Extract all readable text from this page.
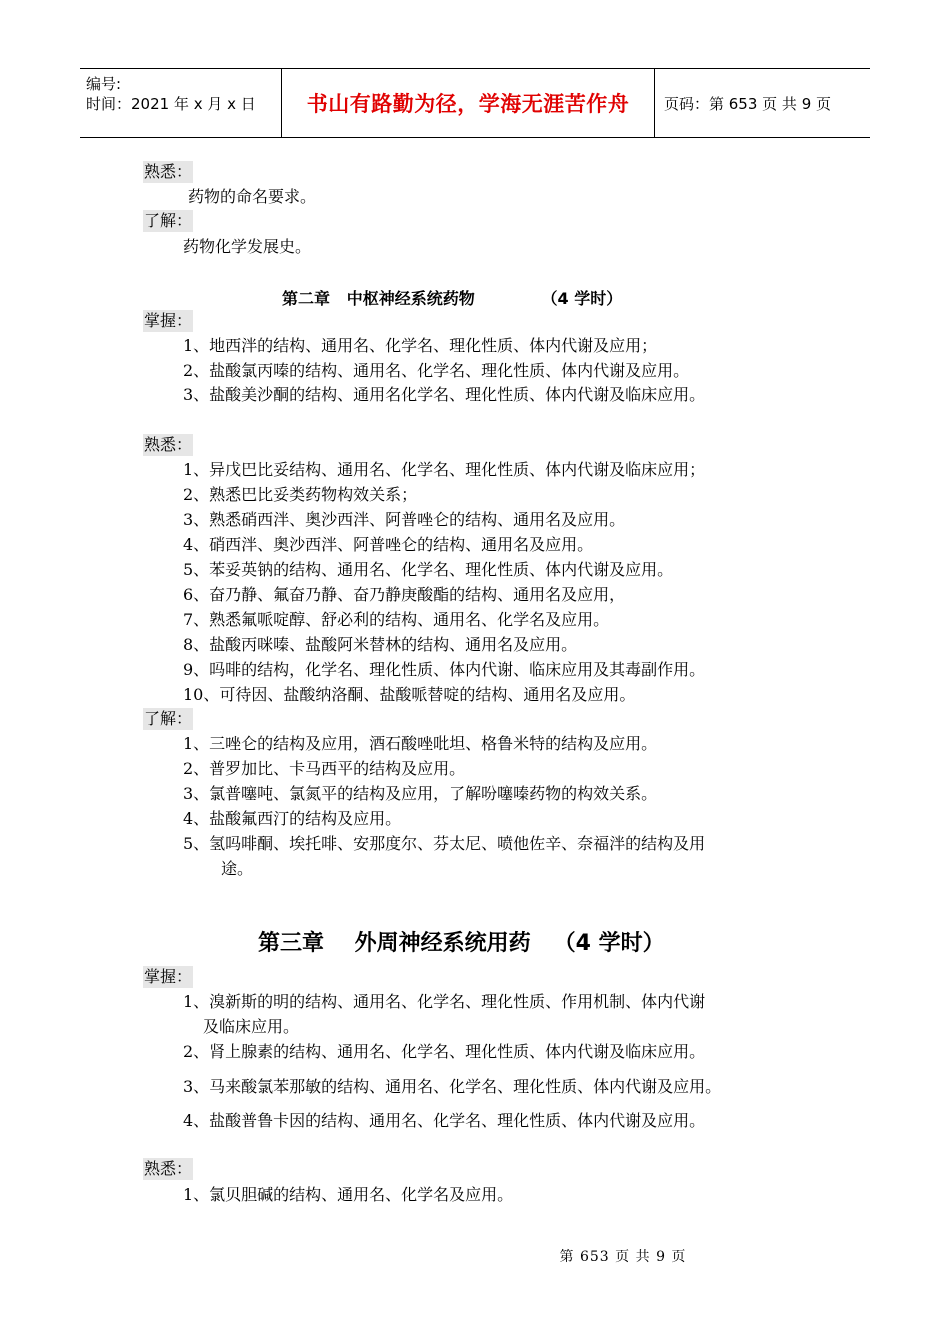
编号:
时间：2021 年 x 月 x 日	书山有路勤为径，学海无涯苦作舟	页码：第 653 页 共 9 页
熟悉：
药物的命名要求。
了解：
药物化学发展史。
第二章   中枢神经系统药物            （4 学时）
掌握：
1、地西泮的结构、通用名、化学名、理化性质、体内代谢及应用；
2、盐酸氯丙嗪的结构、通用名、化学名、理化性质、体内代谢及应用。
3、盐酸美沙酮的结构、通用名化学名、理化性质、体内代谢及临床应用。
熟悉：
1、异戊巴比妥结构、通用名、化学名、理化性质、体内代谢及临床应用；
2、熟悉巴比妥类药物构效关系；
3、熟悉硝西泮、奥沙西泮、阿普唑仑的结构、通用名及应用。
4、硝西泮、奥沙西泮、阿普唑仑的结构、通用名及应用。
5、苯妥英钠的结构、通用名、化学名、理化性质、体内代谢及应用。
6、奋乃静、氟奋乃静、奋乃静庚酸酯的结构、通用名及应用，
7、熟悉氟哌啶醇、舒必利的结构、通用名、化学名及应用。
8、盐酸丙咪嗪、盐酸阿米替林的结构、通用名及应用。
9、吗啡的结构，化学名、理化性质、体内代谢、临床应用及其毒副作用。
10、可待因、盐酸纳洛酮、盐酸哌替啶的结构、通用名及应用。
了解：
1、三唑仑的结构及应用，酒石酸唑吡坦、格鲁米特的结构及应用。
2、普罗加比、卡马西平的结构及应用。
3、氯普噻吨、氯氮平的结构及应用，了解吩噻嗪药物的构效关系。
4、盐酸氟西汀的结构及应用。
5、氢吗啡酮、埃托啡、安那度尔、芬太尼、喷他佐辛、奈福泮的结构及用
途。
第三章    外周神经系统用药   （4 学时）
掌握：
1、溴新斯的明的结构、通用名、化学名、理化性质、作用机制、体内代谢
及临床应用。
2、肾上腺素的结构、通用名、化学名、理化性质、体内代谢及临床应用。
3、马来酸氯苯那敏的结构、通用名、化学名、理化性质、体内代谢及应用。
4、盐酸普鲁卡因的结构、通用名、化学名、理化性质、体内代谢及应用。
熟悉：
1、氯贝胆碱的结构、通用名、化学名及应用。
第 653 页 共 9 页
